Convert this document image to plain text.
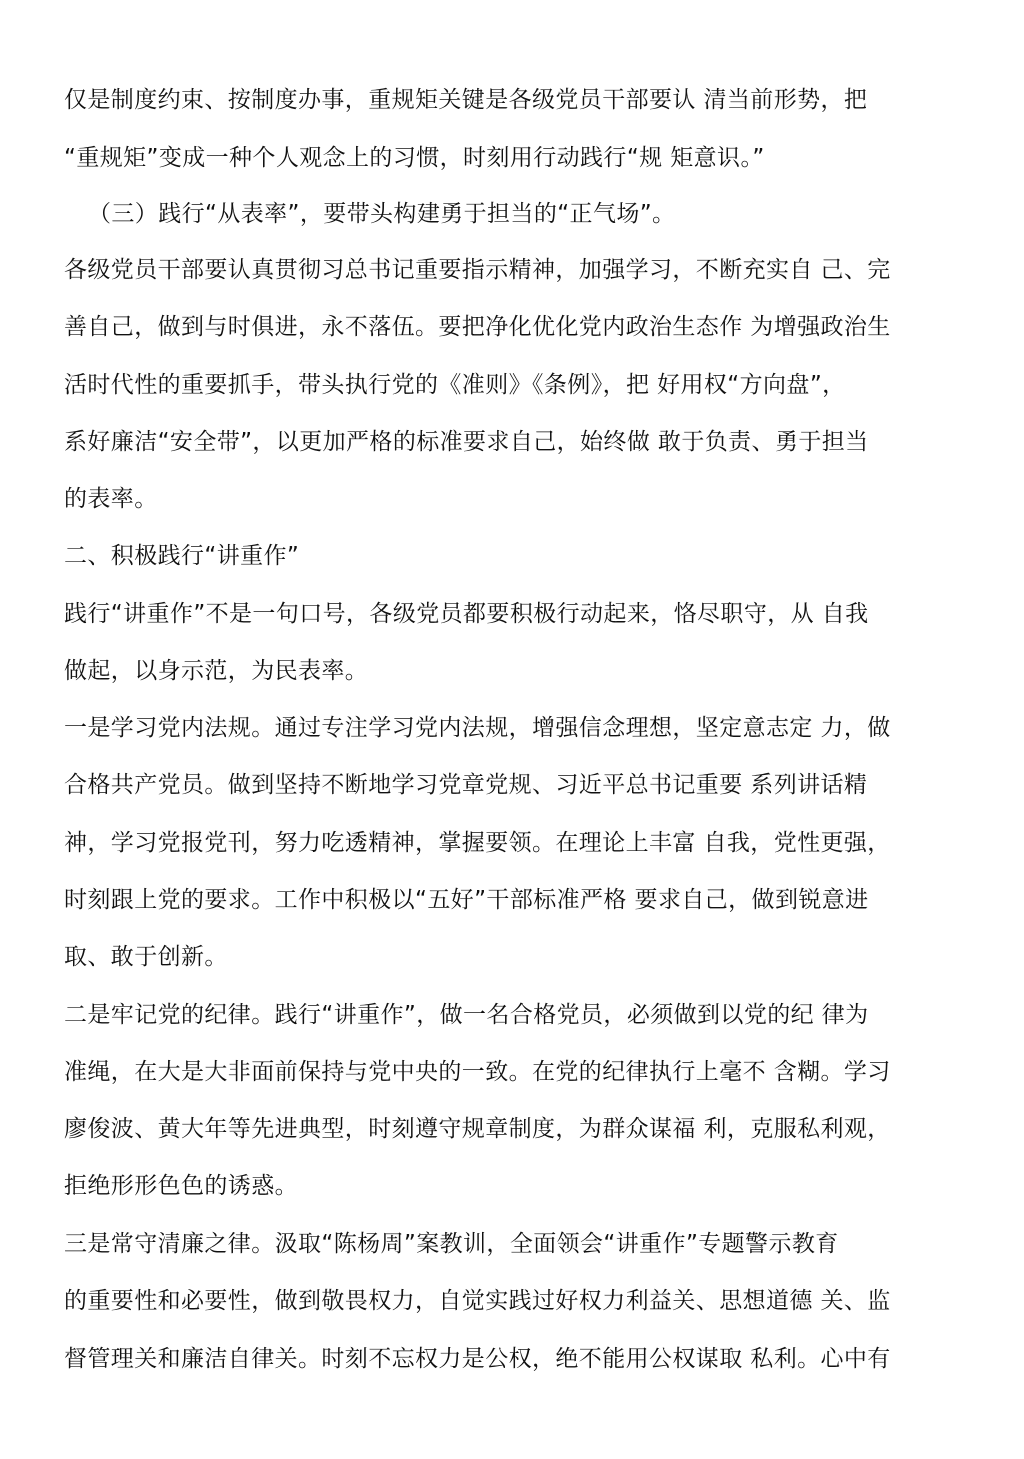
仅是制度约束、按制度办事，重规矩关键是各级党员干部要认 清当前形势，把
“重规矩”变成一种个人观念上的习惯，时刻用行动践行“规 矩意识。”
（三）践行“从表率”，要带头构建勇于担当的“正气场”。
各级党员干部要认真贯彻习总书记重要指示精神，加强学习，不断充实自 己、完
善自己，做到与时俱进，永不落伍。要把净化优化党内政治生态作 为增强政治生
活时代性的重要抓手，带头执行党的《准则》《条例》，把 好用权“方向盘”，
系好廉洁“安全带”，以更加严格的标准要求自己，始终做 敢于负责、勇于担当
的表率。
二、积极践行“讲重作”
践行“讲重作”不是一句口号，各级党员都要积极行动起来，恪尽职守，从 自我
做起，以身示范，为民表率。
一是学习党内法规。通过专注学习党内法规，增强信念理想，坚定意志定 力，做
合格共产党员。做到坚持不断地学习党章党规、习近平总书记重要 系列讲话精
神，学习党报党刊，努力吃透精神，掌握要领。在理论上丰富 自我，党性更强，
时刻跟上党的要求。工作中积极以“五好”干部标准严格 要求自己，做到锐意进
取、敢于创新。
二是牢记党的纪律。践行“讲重作”，做一名合格党员，必须做到以党的纪 律为
准绳，在大是大非面前保持与党中央的一致。在党的纪律执行上毫不 含糊。学习
廖俊波、黄大年等先进典型，时刻遵守规章制度，为群众谋福 利，克服私利观，
拒绝形形色色的诱惑。
三是常守清廉之律。汲取“陈杨周”案教训，全面领会“讲重作”专题警示教育
的重要性和必要性，做到敬畏权力，自觉实践过好权力利益关、思想道德 关、监
督管理关和廉洁自律关。时刻不忘权力是公权，绝不能用公权谋取 私利。心中有
